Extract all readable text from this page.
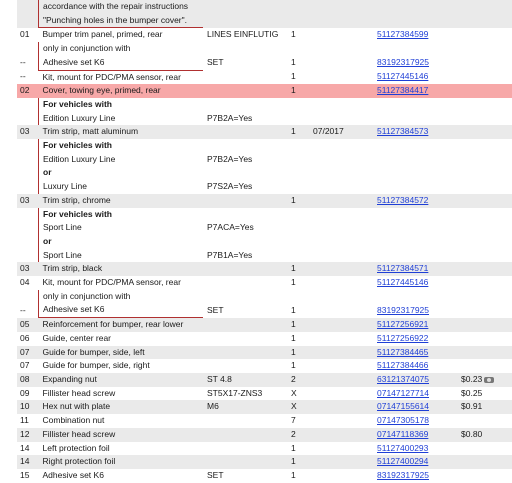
	accordance with the repair instructions					
	"Punching holes in the bumper cover".					
01	Bumper trim panel, primed, rear	LINES EINFLUTIG	1		51127384599	
	only in conjunction with					
--	Adhesive set K6	SET	1		83192317925	
--	Kit, mount for PDC/PMA sensor, rear		1		51127445146	
02	Cover, towing eye, primed, rear		1		51127384417	
	For vehicles with					
	Edition Luxury Line	P7B2A=Yes				
03	Trim strip, matt aluminum		1	07/2017	51127384573	
	For vehicles with					
	Edition Luxury Line	P7B2A=Yes				
	or					
	Luxury Line	P7S2A=Yes				
03	Trim strip, chrome		1		51127384572	
	For vehicles with					
	Sport Line	P7ACA=Yes				
	or					
	Sport Line	P7B1A=Yes				
03	Trim strip, black		1		51127384571	
04	Kit, mount for PDC/PMA sensor, rear		1		51127445146	
	only in conjunction with					
--	Adhesive set K6	SET	1		83192317925	
05	Reinforcement for bumper, rear lower		1		51127256921	
06	Guide, center rear		1		51127256922	
07	Guide for bumper, side, left		1		51127384465	
07	Guide for bumper, side, right		1		51127384466	
08	Expanding nut	ST 4.8	2		63121374075	$0.23
09	Fillister head screw	ST5X17-ZNS3	X		07147127714	$0.25
10	Hex nut with plate	M6	X		07147155614	$0.91
11	Combination nut		7		07147305178	
12	Fillister head screw		2		07147118369	$0.80
14	Left protection foil		1		51127400293	
14	Right protection foil		1		51127400294	
15	Adhesive set K6	SET	1		83192317925	
